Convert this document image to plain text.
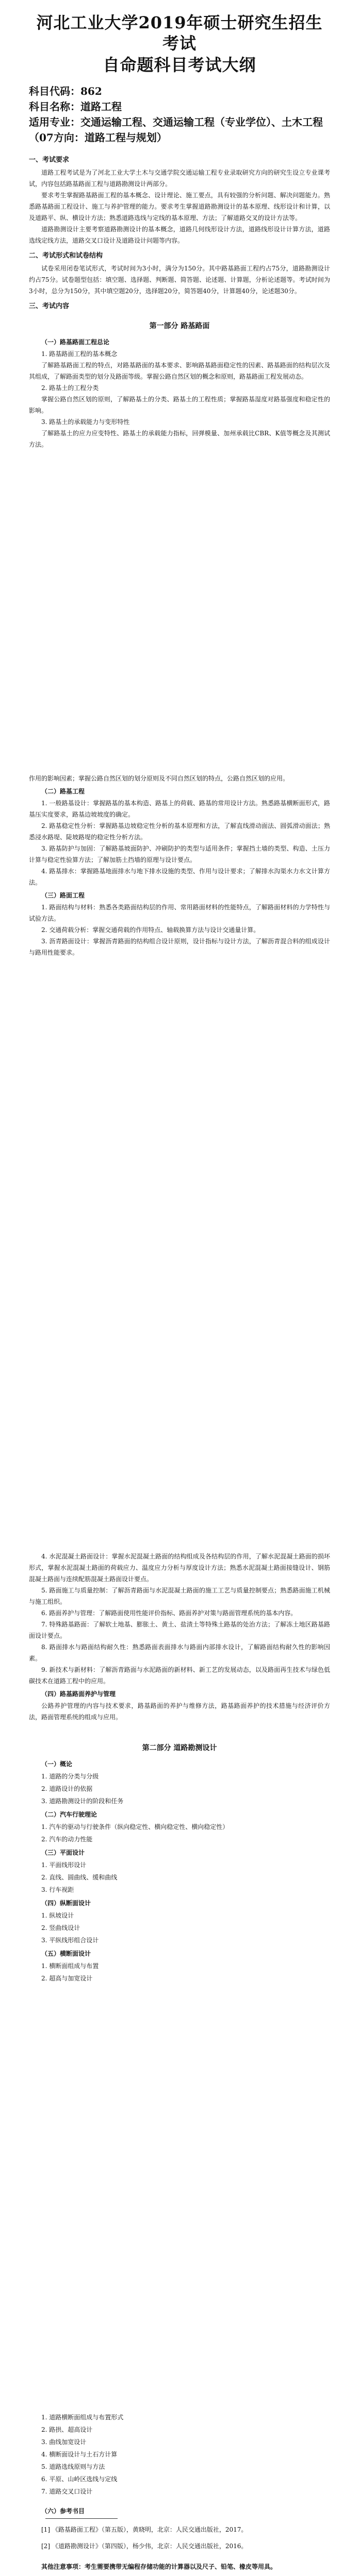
河北工业大学2019年硕士研究生招生考试
自命题科目考试大纲

科目代码：862

科目名称：道路工程

适用专业：交通运输工程、交通运输工程（专业学位）、土木工程（07方向：道路工程与规划）

一、考试要求

道路工程考试是为了河北工业大学土木与交通学院交通运输工程专业录取研究方向的研究生设立专业课考试，内容包括路基路面工程与道路勘测设计两部分。

要求考生掌握路基路面工程的基本概念、设计理论、施工要点，具有较强的分析问题、解决问题能力。熟悉路基路面工程设计、施工与养护管理的能力。要求考生掌握道路勘测设计的基本原理、线形设计和计算，以及道路平、纵、横设计方法；熟悉道路选线与定线的基本原理、方法；了解道路交叉的设计方法等。

道路勘测设计主要考察道路勘测设计的基本概念，道路几何线形设计方法，道路线形设计计算方法，道路选线定线方法，道路交叉口设计及道路设计问题等内容。

二、考试形式和试卷结构

试卷采用闭卷笔试形式，考试时间为3小时，满分为150分。其中路基路面工程约占75分，道路勘测设计约占75分。试卷题型包括：填空题、选择题、判断题、简答题、论述题、计算题，分析论述题等。考试时间为3小时，总分为150分，其中填空题20分，选择题20分，简答题40分，计算题40分，论述题30分。

三、考试内容

第一部分 路基路面

（一）路基路面工程总论

1. 路基路面工程的基本概念

了解路基路面工程的特点，对路基路面的基本要求、影响路基路面稳定性的因素、路基路面的结构层次及其组成，了解路面类型的划分及路面等级。掌握公路自然区划的概念和原则，路基路面工程发展动态。

2. 路基土的工程分类

掌握公路自然区划的原则，了解路基土的分类、路基土的工程性质；掌握路基湿度对路基强度和稳定性的影响。

3. 路基土的承载能力与变形特性

了解路基土的应力应变特性、路基土的承载能力指标，回弹模量、加州承载比CBR、K值等概念及其测试方法。

作用的影响因素；掌握公路自然区划的划分原则及不同自然区划的特点，公路自然区划的应用。

（二）路基工程

1. 一般路基设计：掌握路基的基本构造、路基上的荷载、路基的常用设计方法。熟悉路基横断面形式，路基压实度要求，路基边坡坡度的确定。

2. 路基稳定性分析：掌握路基边坡稳定性分析的基本原理和方法，了解直线滑动面法、圆弧滑动面法；熟悉浸水路堤、陡坡路堤的稳定性分析方法。

3. 路基防护与加固：了解路基坡面防护、冲刷防护的类型与适用条件；掌握挡土墙的类型、构造、土压力计算与稳定性验算方法；了解加筋土挡墙的原理与设计要点。

4. 路基排水：掌握路基地面排水与地下排水设施的类型、作用与设计要求；了解排水沟渠水力水文计算方法。

（三）路面工程

1. 路面结构与材料：熟悉各类路面结构层的作用、常用路面材料的性能特点，了解路面材料的力学特性与试验方法。

2. 交通荷载分析：掌握交通荷载的作用特点、轴载换算方法与设计交通量计算。

3. 沥青路面设计：掌握沥青路面的结构组合设计原则，设计指标与设计方法，了解沥青混合料的组成设计与路用性能要求。

4. 水泥混凝土路面设计：掌握水泥混凝土路面的结构组成及各结构层的作用，了解水泥混凝土路面的损坏形式，掌握水泥混凝土路面的荷载应力、温度应力分析与厚度设计方法；熟悉水泥混凝土路面接缝设计、钢筋混凝土路面与连续配筋混凝土路面设计要点。

5. 路面施工与质量控制：了解沥青路面与水泥混凝土路面的施工工艺与质量控制要点；熟悉路面施工机械与施工组织。

6. 路面养护与管理：了解路面使用性能评价指标、路面养护对策与路面管理系统的基本内容。

7. 特殊路基路面：了解软土地基、膨胀土、黄土、盐渍土等特殊土路基的处治方法；了解冻土地区路基路面设计要点。

8. 路面排水与路面结构耐久性：熟悉路面表面排水与路面内部排水设计，了解路面结构耐久性的影响因素。

9. 新技术与新材料：了解沥青路面与水泥路面的新材料、新工艺的发展动态，以及路面再生技术与绿色低碳技术在道路工程中的应用。

（四）路基路面养护与管理

公路养护管理的内容与技术要求，路基路面的养护与维修方法，路基路面养护的技术措施与经济评价方法，路面管理系统的组成与应用。

第二部分 道路勘测设计

（一）概论

1. 道路的分类与分级

2. 道路设计的依据

3. 道路勘测设计的阶段和任务

（二）汽车行驶理论

1. 汽车的驱动与行驶条件（纵向稳定性、横向稳定性、横向稳定性）

2. 汽车的动力性能

（三）平面设计

1. 平面线形设计

2. 直线、圆曲线、缓和曲线

3. 行车视距

（四）纵断面设计

1. 纵坡设计

2. 竖曲线设计

3. 平纵线形组合设计

（五）横断面设计

1. 横断面组成与布置

2. 超高与加宽设计

1. 道路横断面组成与布置形式

2. 路拱、超高设计

3. 曲线加宽设计

4. 横断面设计与土石方计算

5. 道路选线原则与方法

6. 平原、山岭区选线与定线

7. 道路交叉口设计

（六）参考书目

[1] 《路基路面工程》（第五版），黄晓明，北京：人民交通出版社，2017。

[2] 《道路勘测设计》（第四版），杨少伟，北京：人民交通出版社，2016。

其他注意事项：考生需要携带无编程存储功能的计算器以及尺子、铅笔、橡皮等用具。
